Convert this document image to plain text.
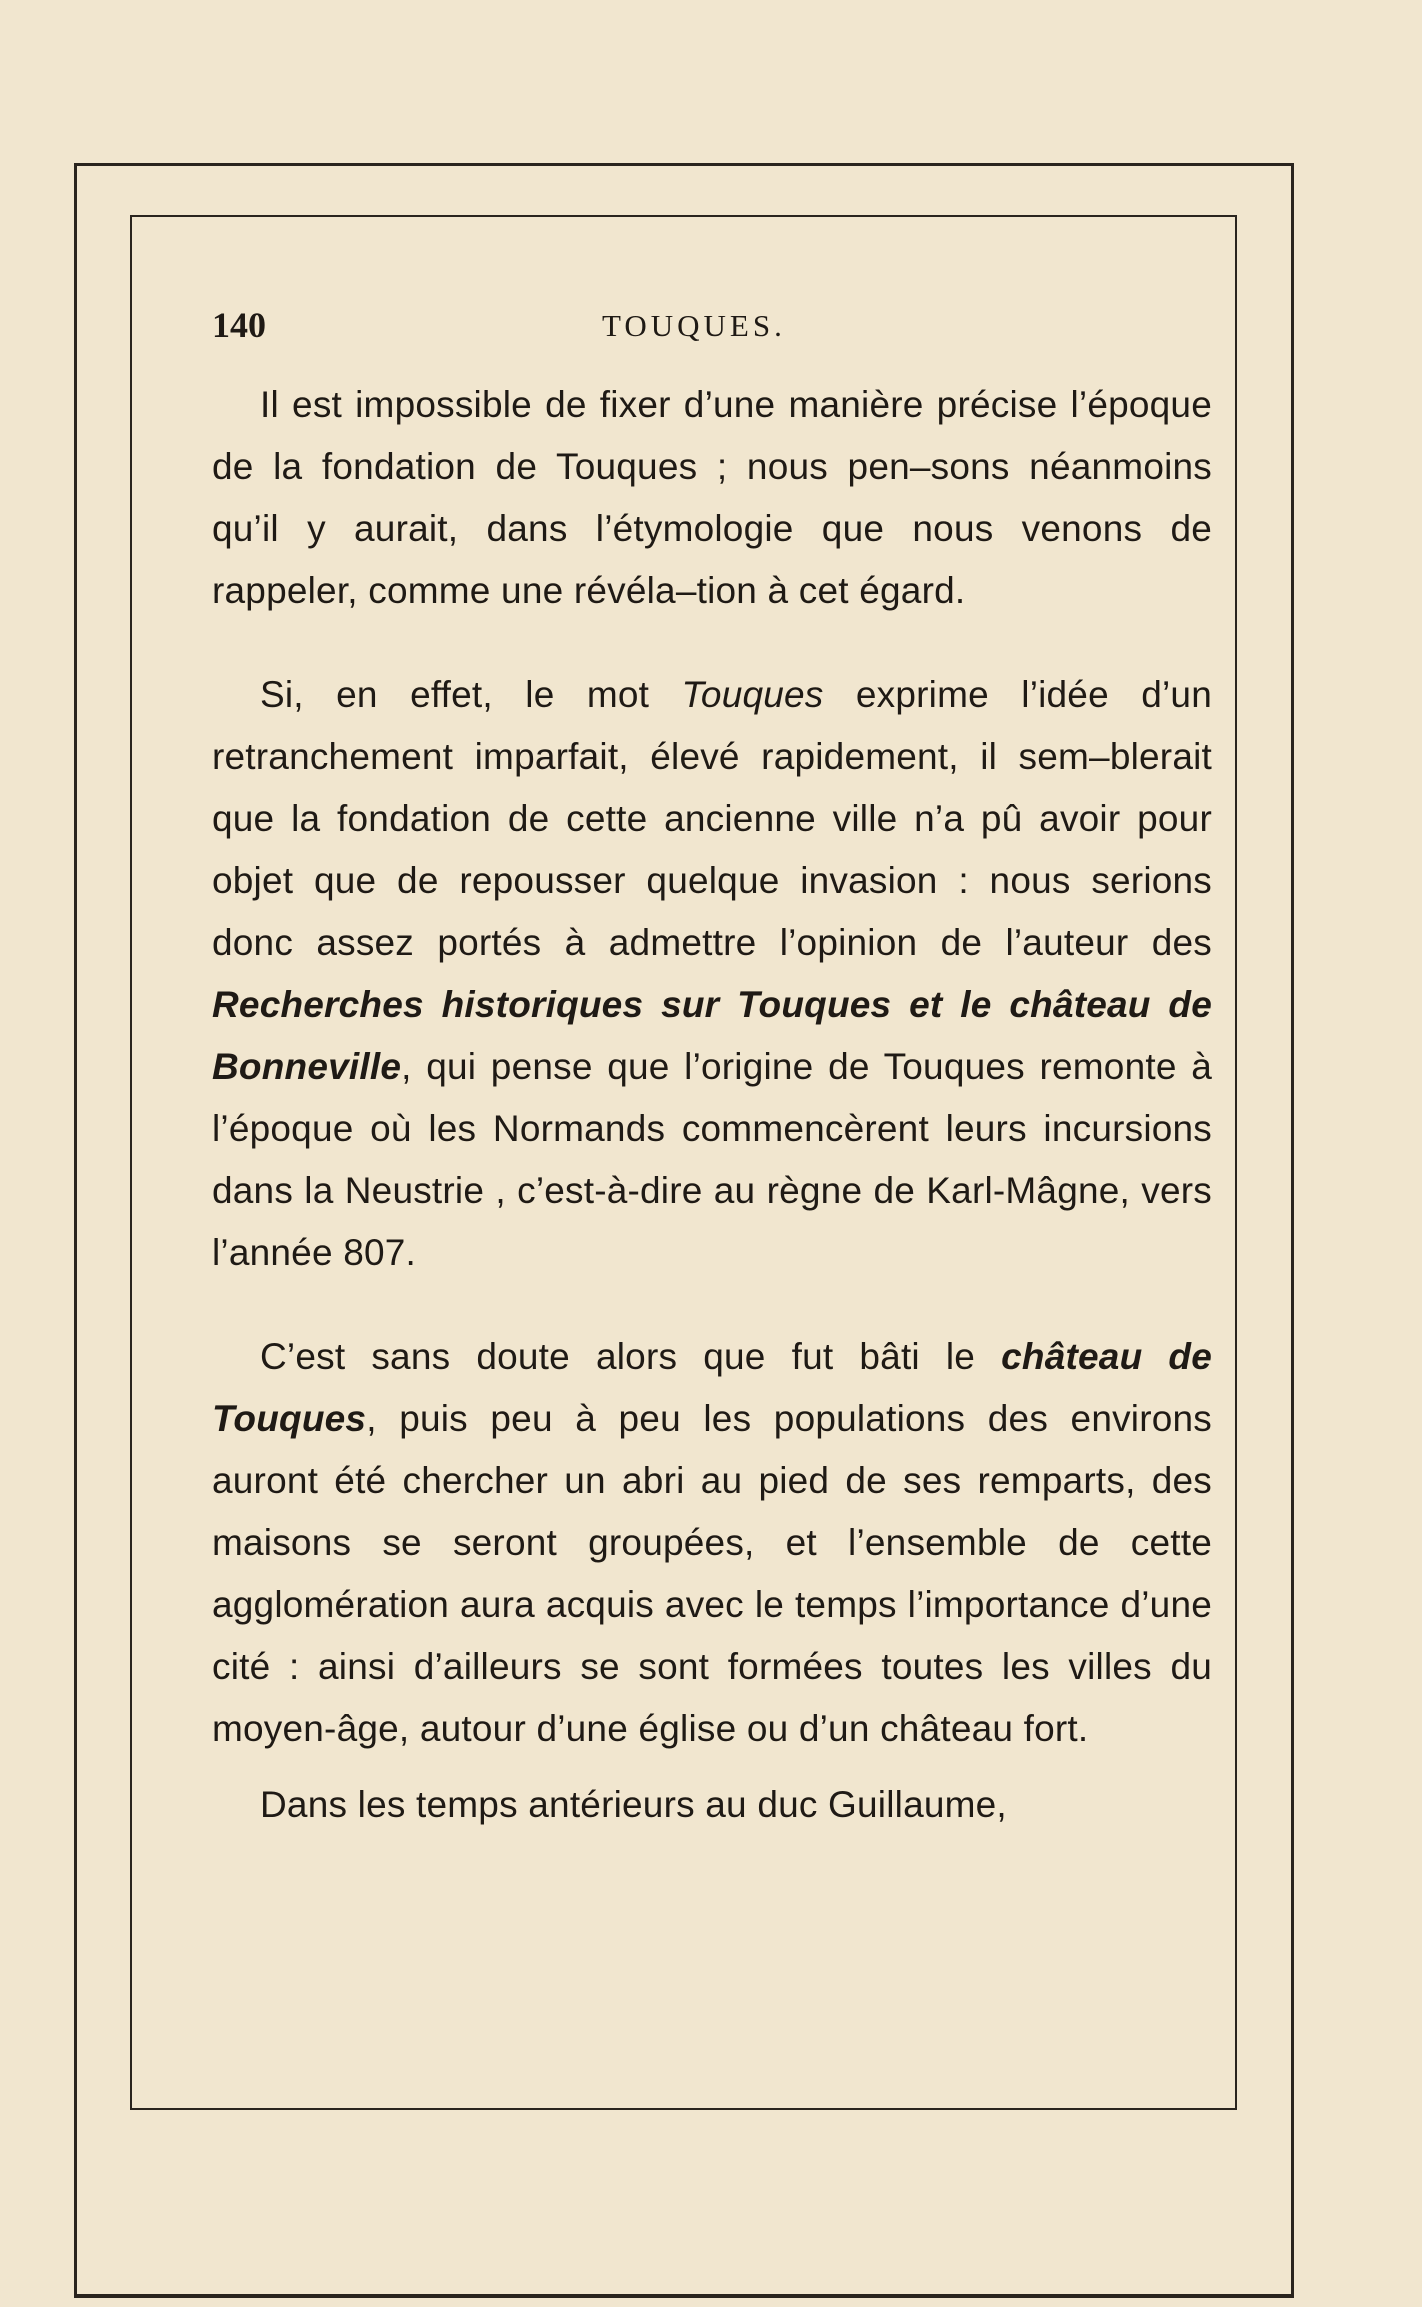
140	TOUQUES.

Il est impossible de fixer d’une manière précise l’époque de la fondation de Touques ; nous pen–sons néanmoins qu’il y aurait, dans l’étymologie que nous venons de rappeler, comme une révéla–tion à cet égard.

Si, en effet, le mot Touques exprime l’idée d’un retranchement imparfait, élevé rapidement, il sem–blerait que la fondation de cette ancienne ville n’a pû avoir pour objet que de repousser quelque invasion : nous serions donc assez portés à admettre l’opinion de l’auteur des Recherches historiques sur Touques et le château de Bonneville, qui pense que l’origine de Touques remonte à l’époque où les Normands commencèrent leurs incursions dans la Neustrie , c’est-à-dire au règne de Karl-Mâgne, vers l’année 807.

C’est sans doute alors que fut bâti le château de Touques, puis peu à peu les populations des environs auront été chercher un abri au pied de ses remparts, des maisons se seront groupées, et l’ensemble de cette agglomération aura acquis avec le temps l’importance d’une cité : ainsi d’ailleurs se sont formées toutes les villes du moyen-âge, autour d’une église ou d’un château fort.

Dans les temps antérieurs au duc Guillaume,
